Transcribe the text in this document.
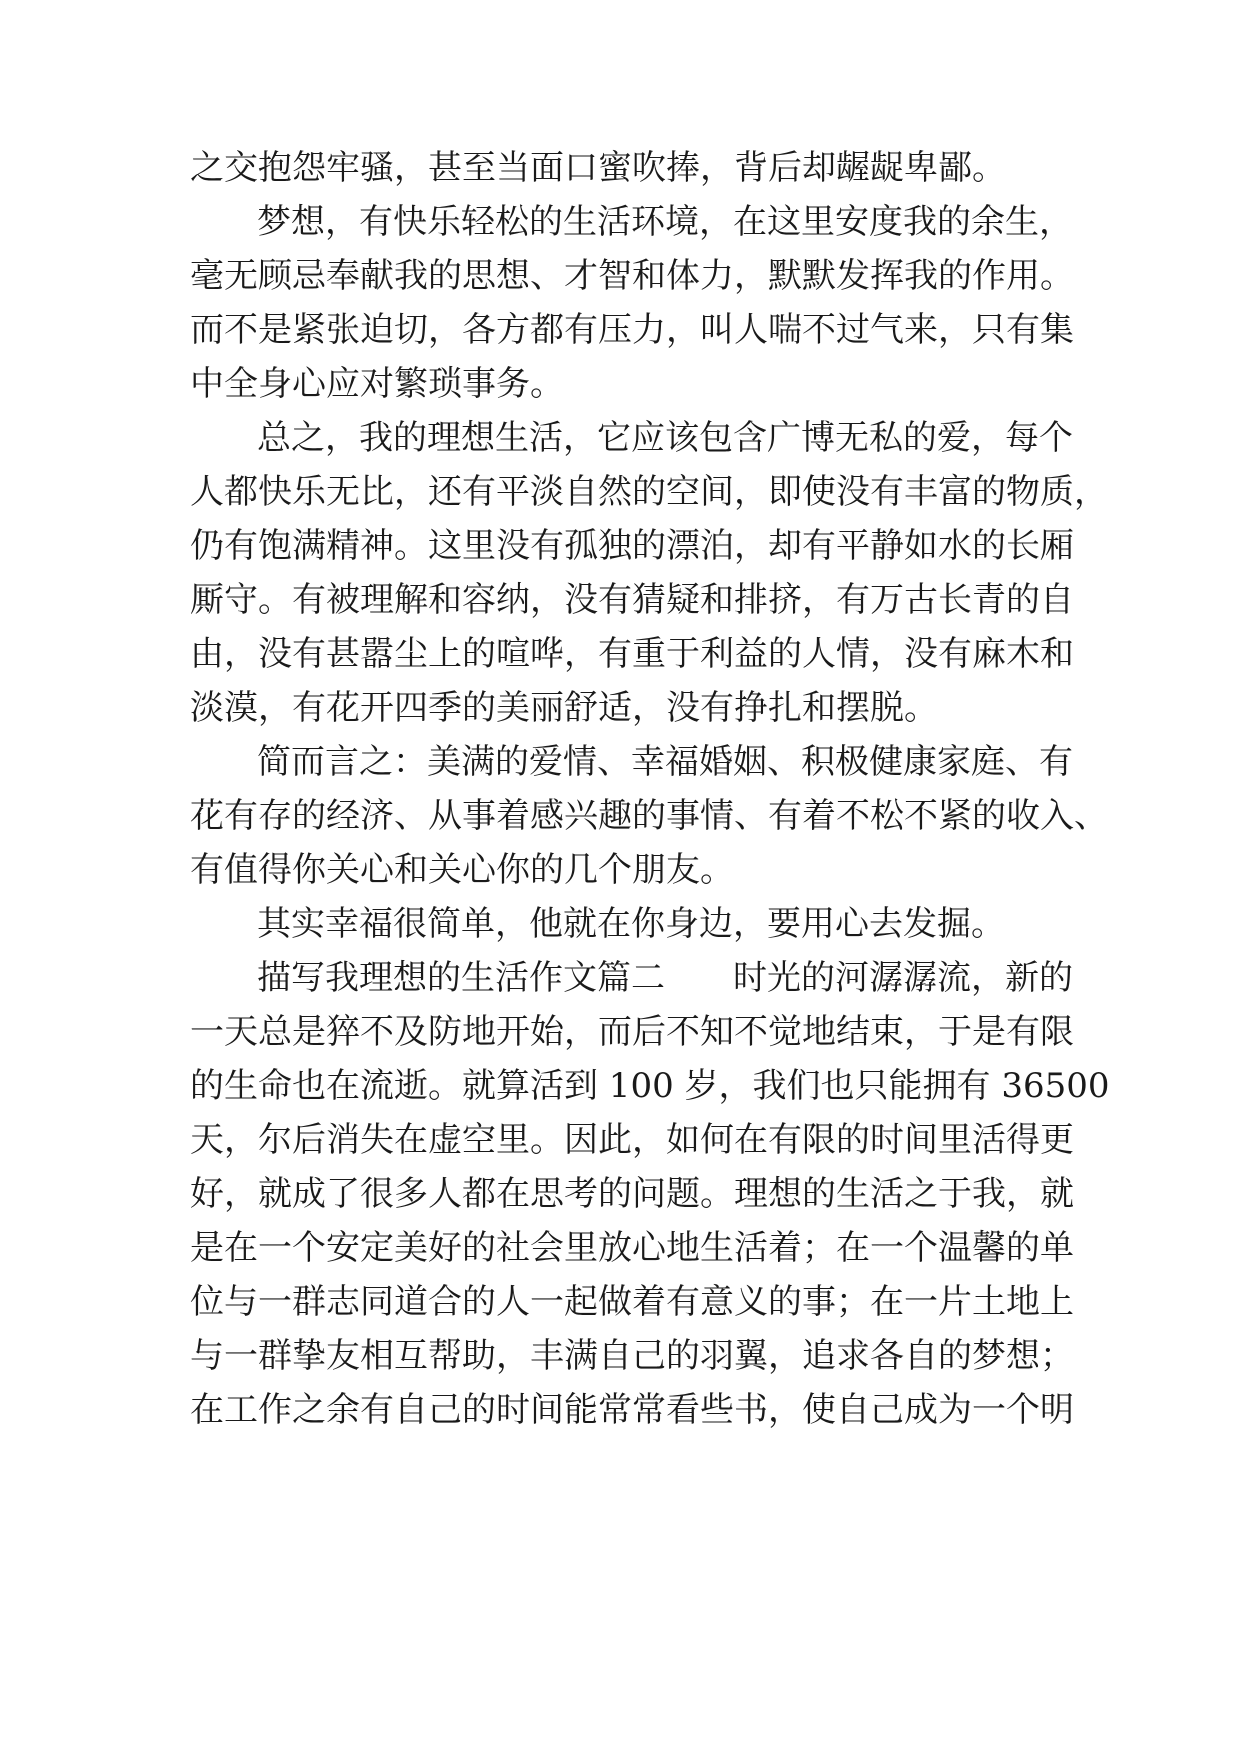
之交抱怨牢骚，甚至当面口蜜吹捧，背后却龌龊卑鄙。
梦想，有快乐轻松的生活环境，在这里安度我的余生，
毫无顾忌奉献我的思想、才智和体力，默默发挥我的作用。
而不是紧张迫切，各方都有压力，叫人喘不过气来，只有集
中全身心应对繁琐事务。
总之，我的理想生活，它应该包含广博无私的爱，每个
人都快乐无比，还有平淡自然的空间，即使没有丰富的物质，
仍有饱满精神。这里没有孤独的漂泊，却有平静如水的长厢
厮守。有被理解和容纳，没有猜疑和排挤，有万古长青的自
由，没有甚嚣尘上的喧哗，有重于利益的人情，没有麻木和
淡漠，有花开四季的美丽舒适，没有挣扎和摆脱。
简而言之：美满的爱情、幸福婚姻、积极健康家庭、有
花有存的经济、从事着感兴趣的事情、有着不松不紧的收入、
有值得你关心和关心你的几个朋友。
其实幸福很简单，他就在你身边，要用心去发掘。
描写我理想的生活作文篇二　　时光的河潺潺流，新的
一天总是猝不及防地开始，而后不知不觉地结束，于是有限
的生命也在流逝。就算活到 100 岁，我们也只能拥有 36500
天，尔后消失在虚空里。因此，如何在有限的时间里活得更
好，就成了很多人都在思考的问题。理想的生活之于我，就
是在一个安定美好的社会里放心地生活着；在一个温馨的单
位与一群志同道合的人一起做着有意义的事；在一片土地上
与一群挚友相互帮助，丰满自己的羽翼，追求各自的梦想；
在工作之余有自己的时间能常常看些书，使自己成为一个明
